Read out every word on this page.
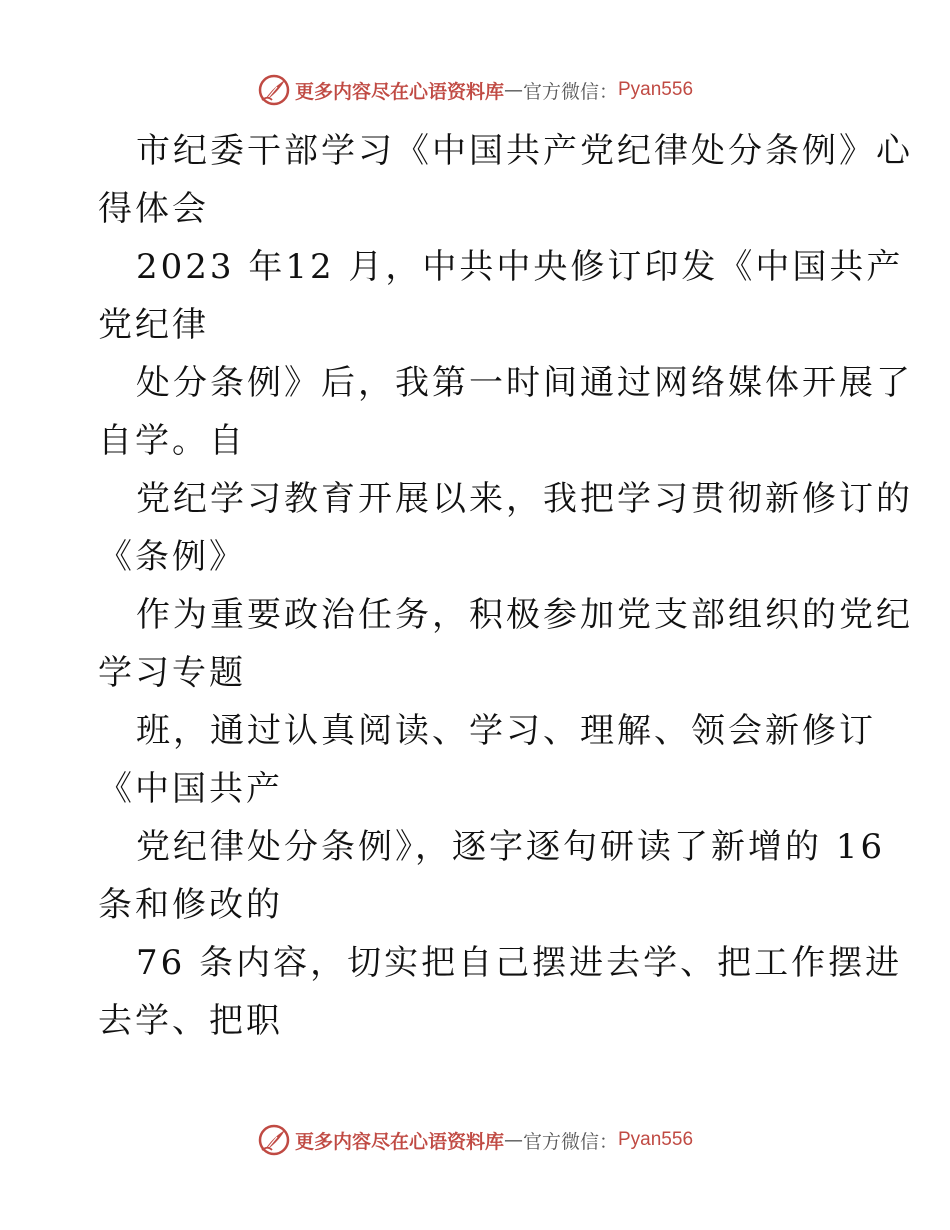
更多内容尽在心语资料库 — 官方微信： Pyan556
市纪委干部学习《中国共产党纪律处分条例》心
得体会
2023 年12 月，中共中央修订印发《中国共产
党纪律
处分条例》后，我第一时间通过网络媒体开展了
自学。自
党纪学习教育开展以来，我把学习贯彻新修订的
《条例》
作为重要政治任务，积极参加党支部组织的党纪
学习专题
班，通过认真阅读、学习、理解、领会新修订
《中国共产
党纪律处分条例》，逐字逐句研读了新增的 16
条和修改的
76 条内容，切实把自己摆进去学、把工作摆进
去学、把职
更多内容尽在心语资料库 — 官方微信： Pyan556
